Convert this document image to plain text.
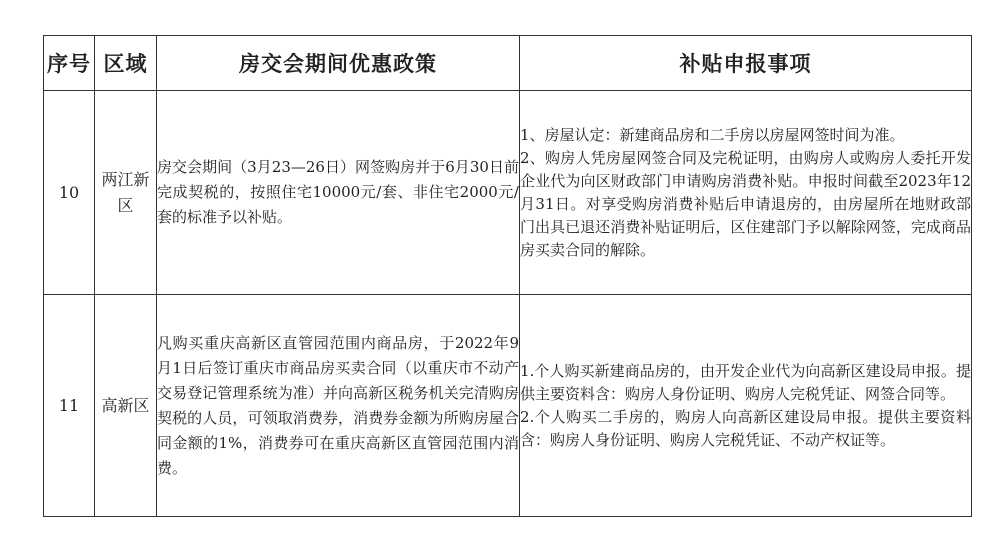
序号	区域	房交会期间优惠政策	补贴申报事项
10	两江新区	房交会期间（3月23—26日）网签购房并于6月30日前完成契税的，按照住宅10000元/套、非住宅2000元/套的标准予以补贴。	1、房屋认定：新建商品房和二手房以房屋网签时间为准。

2、购房人凭房屋网签合同及完税证明，由购房人或购房人委托开发企业代为向区财政部门申请购房消费补贴。申报时间截至2023年12月31日。对享受购房消费补贴后申请退房的，由房屋所在地财政部门出具已退还消费补贴证明后，区住建部门予以解除网签，完成商品房买卖合同的解除。

11	高新区	凡购买重庆高新区直管园范围内商品房，于2022年9月1日后签订重庆市商品房买卖合同（以重庆市不动产交易登记管理系统为准）并向高新区税务机关完清购房契税的人员，可领取消费券，消费券金额为所购房屋合同金额的1%，消费券可在重庆高新区直管园范围内消费。	1.个人购买新建商品房的，由开发企业代为向高新区建设局申报。提供主要资料含：购房人身份证明、购房人完税凭证、网签合同等。

2.个人购买二手房的，购房人向高新区建设局申报。提供主要资料含：购房人身份证明、购房人完税凭证、不动产权证等。
